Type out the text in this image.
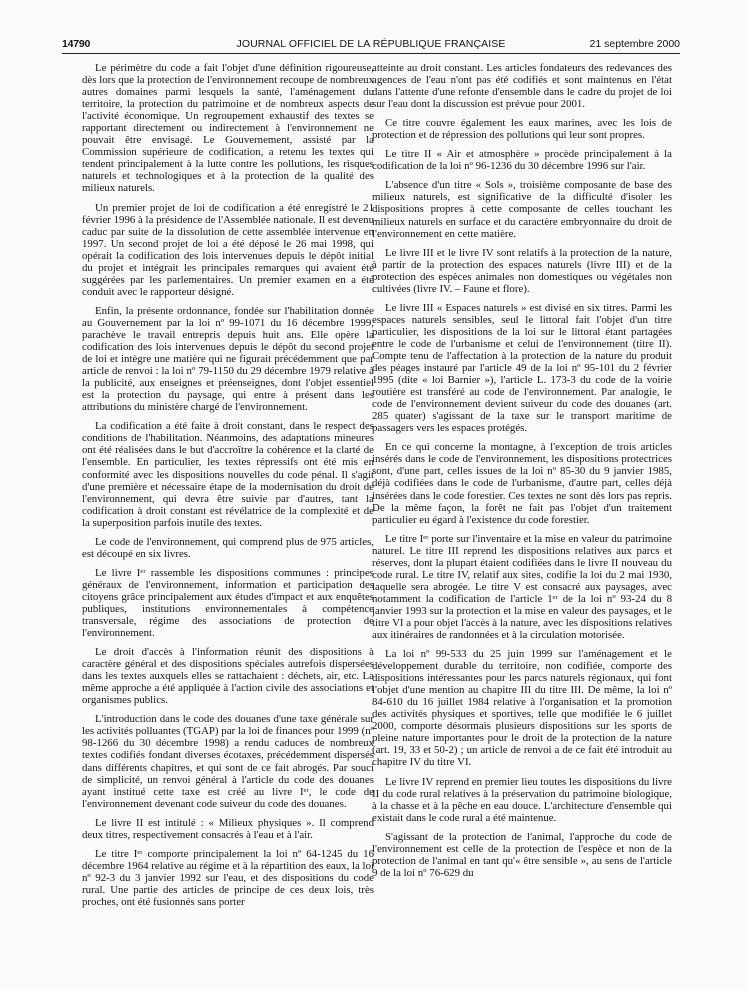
14790	JOURNAL OFFICIEL DE LA RÉPUBLIQUE FRANÇAISE	21 septembre 2000

Le périmètre du code a fait l'objet d'une définition rigoureuse, dès lors que la protection de l'environnement recoupe de nombreux autres domaines parmi lesquels la santé, l'aménagement du territoire, la protection du patrimoine et de nombreux aspects de l'activité économique. Un regroupement exhaustif des textes se rapportant directement ou indirectement à l'environnement ne pouvait être envisagé. Le Gouvernement, assisté par la Commission supérieure de codification, a retenu les textes qui tendent principalement à la lutte contre les pollutions, les risques naturels et technologiques et à la protection de la qualité des milieux naturels.

Un premier projet de loi de codification a été enregistré le 21 février 1996 à la présidence de l'Assemblée nationale. Il est devenu caduc par suite de la dissolution de cette assemblée intervenue en 1997. Un second projet de loi a été déposé le 26 mai 1998, qui opérait la codification des lois intervenues depuis le dépôt initial du projet et intégrait les principales remarques qui avaient été suggérées par les parlementaires. Un premier examen en a été conduit avec le rapporteur désigné.

Enfin, la présente ordonnance, fondée sur l'habilitation donnée au Gouvernement par la loi nº 99-1071 du 16 décembre 1999, parachève le travail entrepris depuis huit ans. Elle opère la codification des lois intervenues depuis le dépôt du second projet de loi et intègre une matière qui ne figurait précédemment que par article de renvoi : la loi nº 79-1150 du 29 décembre 1979 relative à la publicité, aux enseignes et préenseignes, dont l'objet essentiel est la protection du paysage, qui entre à présent dans les attributions du ministère chargé de l'environnement.

La codification a été faite à droit constant, dans le respect des conditions de l'habilitation. Néanmoins, des adaptations mineures ont été réalisées dans le but d'accroître la cohérence et la clarté de l'ensemble. En particulier, les textes répressifs ont été mis en conformité avec les dispositions nouvelles du code pénal. Il s'agit d'une première et nécessaire étape de la modernisation du droit de l'environnement, qui devra être suivie par d'autres, tant la codification à droit constant est révélatrice de la complexité et de la superposition parfois inutile des textes.

Le code de l'environnement, qui comprend plus de 975 articles, est découpé en six livres.

Le livre Iᵉʳ rassemble les dispositions communes : principes généraux de l'environnement, information et participation des citoyens grâce principalement aux études d'impact et aux enquêtes publiques, institutions environnementales à compétence transversale, régime des associations de protection de l'environnement.

Le droit d'accès à l'information réunit des dispositions à caractère général et des dispositions spéciales autrefois dispersées dans les textes auxquels elles se rattachaient : déchets, air, etc. La même approche a été appliquée à l'action civile des associations et organismes publics.

L'introduction dans le code des douanes d'une taxe générale sur les activités polluantes (TGAP) par la loi de finances pour 1999 (nº 98-1266 du 30 décembre 1998) a rendu caduces de nombreux textes codifiés fondant diverses écotaxes, précédemment dispersés dans différents chapitres, et qui sont de ce fait abrogés. Par souci de simplicité, un renvoi général à l'article du code des douanes ayant institué cette taxe est créé au livre Iᵉʳ, le code de l'environnement devenant code suiveur du code des douanes.

Le livre II est intitulé : « Milieux physiques ». Il comprend deux titres, respectivement consacrés à l'eau et à l'air.

Le titre Iᵉʳ comporte principalement la loi nº 64-1245 du 16 décembre 1964 relative au régime et à la répartition des eaux, la loi nº 92-3 du 3 janvier 1992 sur l'eau, et des dispositions du code rural. Une partie des articles de principe de ces deux lois, très proches, ont été fusionnés sans porter

atteinte au droit constant. Les articles fondateurs des redevances des agences de l'eau n'ont pas été codifiés et sont maintenus en l'état dans l'attente d'une refonte d'ensemble dans le cadre du projet de loi sur l'eau dont la discussion est prévue pour 2001.

Ce titre couvre également les eaux marines, avec les lois de protection et de répression des pollutions qui leur sont propres.

Le titre II « Air et atmosphère » procède principalement à la codification de la loi nº 96-1236 du 30 décembre 1996 sur l'air.

L'absence d'un titre « Sols », troisième composante de base des milieux naturels, est significative de la difficulté d'isoler les dispositions propres à cette composante de celles touchant les milieux naturels en surface et du caractère embryonnaire du droit de l'environnement en cette matière.

Le livre III et le livre IV sont relatifs à la protection de la nature, à partir de la protection des espaces naturels (livre III) et de la protection des espèces animales non domestiques ou végétales non cultivées (livre IV. – Faune et flore).

Le livre III « Espaces naturels » est divisé en six titres. Parmi les espaces naturels sensibles, seul le littoral fait l'objet d'un titre particulier, les dispositions de la loi sur le littoral étant partagées entre le code de l'urbanisme et celui de l'environnement (titre II). Compte tenu de l'affectation à la protection de la nature du produit des péages instauré par l'article 49 de la loi nº 95-101 du 2 février 1995 (dite « loi Barnier »), l'article L. 173-3 du code de la voirie routière est transféré au code de l'environnement. Par analogie, le code de l'environnement devient suiveur du code des douanes (art. 285 quater) s'agissant de la taxe sur le transport maritime de passagers vers les espaces protégés.

En ce qui concerne la montagne, à l'exception de trois articles insérés dans le code de l'environnement, les dispositions protectrices sont, d'une part, celles issues de la loi nº 85-30 du 9 janvier 1985, déjà codifiées dans le code de l'urbanisme, d'autre part, celles déjà insérées dans le code forestier. Ces textes ne sont dès lors pas repris. De la même façon, la forêt ne fait pas l'objet d'un traitement particulier eu égard à l'existence du code forestier.

Le titre Iᵉʳ porte sur l'inventaire et la mise en valeur du patrimoine naturel. Le titre III reprend les dispositions relatives aux parcs et réserves, dont la plupart étaient codifiées dans le livre II nouveau du code rural. Le titre IV, relatif aux sites, codifie la loi du 2 mai 1930, laquelle sera abrogée. Le titre V est consacré aux paysages, avec notamment la codification de l'article 1ᵉʳ de la loi nº 93-24 du 8 janvier 1993 sur la protection et la mise en valeur des paysages, et le titre VI a pour objet l'accès à la nature, avec les dispositions relatives aux itinéraires de randonnées et à la circulation motorisée.

La loi nº 99-533 du 25 juin 1999 sur l'aménagement et le développement durable du territoire, non codifiée, comporte des dispositions intéressantes pour les parcs naturels régionaux, qui font l'objet d'une mention au chapitre III du titre III. De même, la loi nº 84-610 du 16 juillet 1984 relative à l'organisation et la promotion des activités physiques et sportives, telle que modifiée le 6 juillet 2000, comporte désormais plusieurs dispositions sur les sports de pleine nature importantes pour le droit de la protection de la nature (art. 19, 33 et 50-2) ; un article de renvoi a de ce fait été introduit au chapitre IV du titre VI.

Le livre IV reprend en premier lieu toutes les dispositions du livre II du code rural relatives à la préservation du patrimoine biologique, à la chasse et à la pêche en eau douce. L'architecture d'ensemble qui existait dans le code rural a été maintenue.

S'agissant de la protection de l'animal, l'approche du code de l'environnement est celle de la protection de l'espèce et non de la protection de l'animal en tant qu'« être sensible », au sens de l'article 9 de la loi nº 76-629 du
